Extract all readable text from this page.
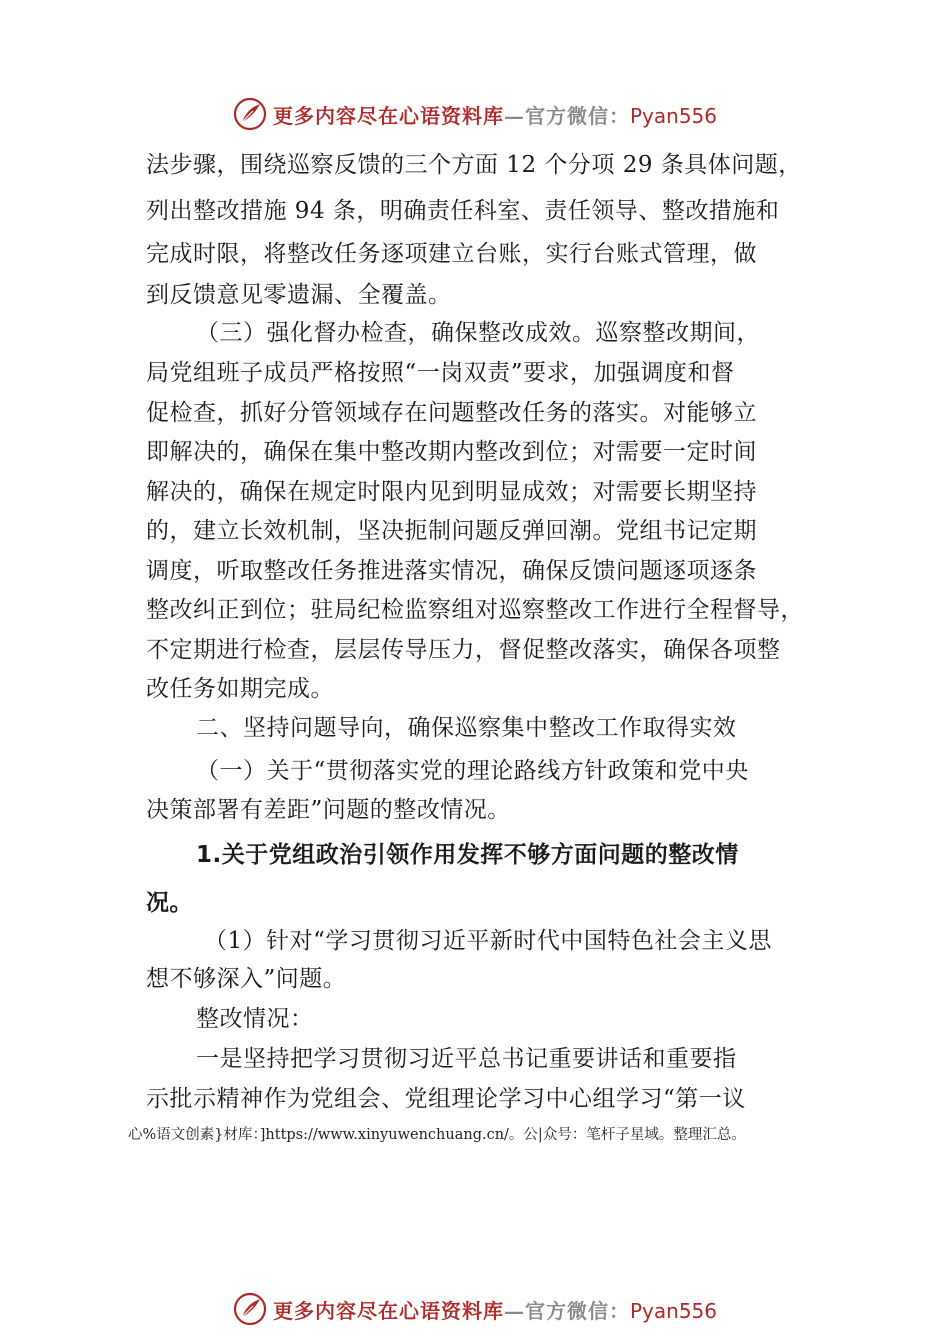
更多内容尽在心语资料库—官方微信：Pyan556
法步骤，围绕巡察反馈的三个方面 12 个分项 29 条具体问题，
列出整改措施 94 条，明确责任科室、责任领导、整改措施和
完成时限，将整改任务逐项建立台账，实行台账式管理，做
到反馈意见零遗漏、全覆盖。
（三）强化督办检查，确保整改成效。巡察整改期间，
局党组班子成员严格按照“一岗双责”要求，加强调度和督
促检查，抓好分管领域存在问题整改任务的落实。对能够立
即解决的，确保在集中整改期内整改到位；对需要一定时间
解决的，确保在规定时限内见到明显成效；对需要长期坚持
的，建立长效机制，坚决扼制问题反弹回潮。党组书记定期
调度，听取整改任务推进落实情况，确保反馈问题逐项逐条
整改纠正到位；驻局纪检监察组对巡察整改工作进行全程督导，
不定期进行检查，层层传导压力，督促整改落实，确保各项整
改任务如期完成。
二、坚持问题导向，确保巡察集中整改工作取得实效
（一）关于“贯彻落实党的理论路线方针政策和党中央
决策部署有差距”问题的整改情况。
1.关于党组政治引领作用发挥不够方面问题的整改情
况。
（1）针对“学习贯彻习近平新时代中国特色社会主义思
想不够深入”问题。
整改情况：
一是坚持把学习贯彻习近平总书记重要讲话和重要指
示批示精神作为党组会、党组理论学习中心组学习“第一议
心%语文创素}材库：]https://www.xinyuwenchuang.cn/。公|众号：笔杆子星域。整理汇总。
更多内容尽在心语资料库—官方微信：Pyan556
